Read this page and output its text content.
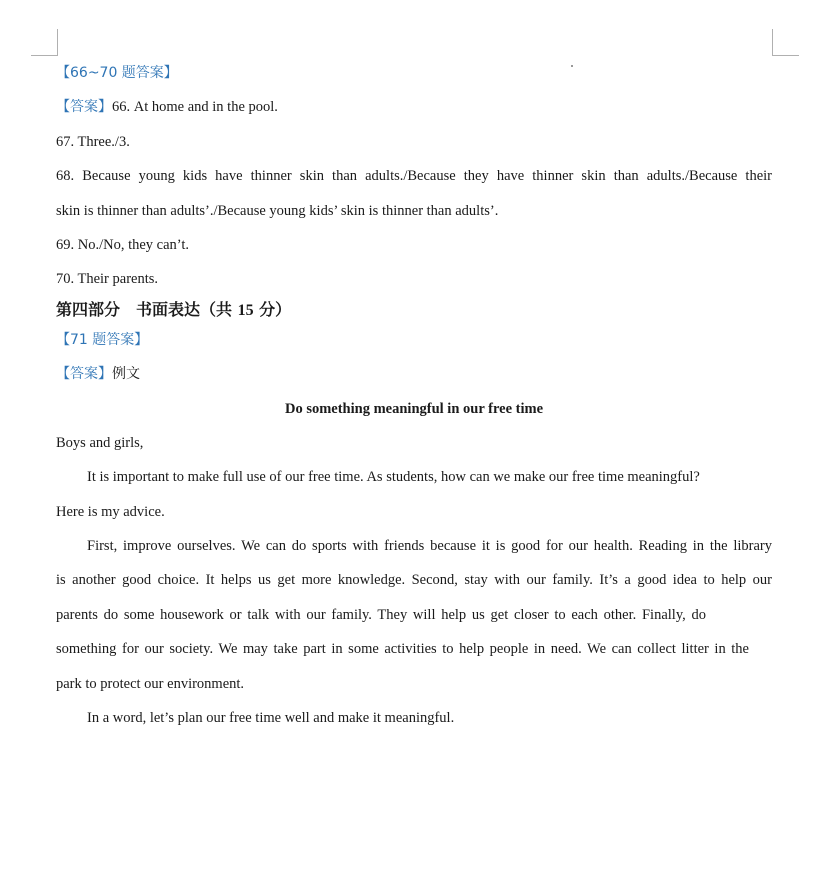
【66~70 题答案】
【答案】66. At home and in the pool.
67. Three./3.
68. Because young kids have thinner skin than adults./Because they have thinner skin than adults./Because their
skin is thinner than adults’./Because young kids’ skin is thinner than adults’.
69. No./No, they can’t.
70. Their parents.
第四部分　书面表达（共 15 分）
【71 题答案】
【答案】例文
Do something meaningful in our free time
Boys and girls,
It is important to make full use of our free time. As students, how can we make our free time meaningful?
Here is my advice.
First, improve ourselves. We can do sports with friends because it is good for our health. Reading in the library
is another good choice. It helps us get more knowledge. Second, stay with our family. It’s a good idea to help our
parents do some housework or talk with our family. They will help us get closer to each other. Finally, do
something for our society. We may take part in some activities to help people in need. We can collect litter in the
park to protect our environment.
In a word, let’s plan our free time well and make it meaningful.
